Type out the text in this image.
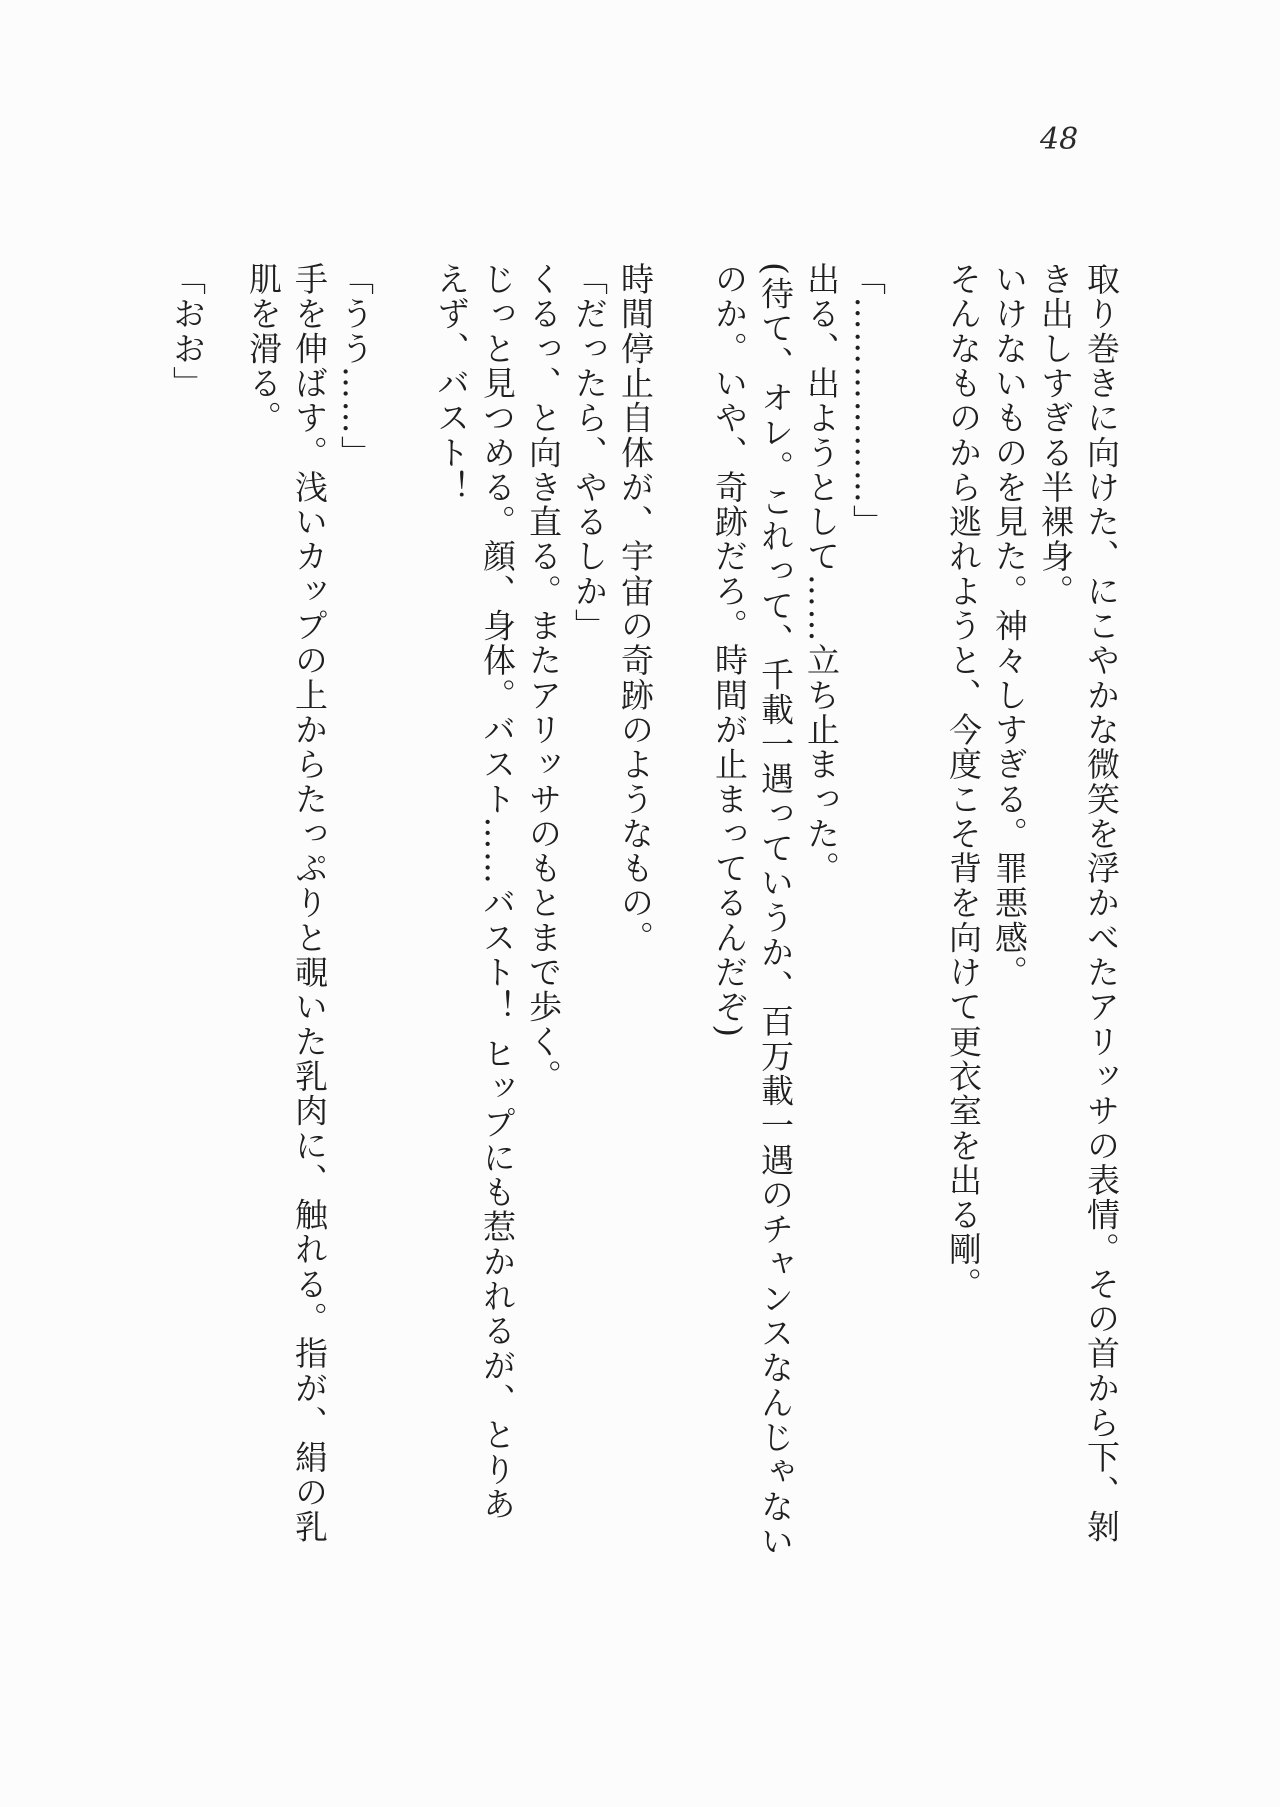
48
取り巻きに向けた、にこやかな微笑を浮かべたアリッサの表情。その首から下、剝
き出しすぎる半裸身。
いけないものを見た。神々しすぎる。罪悪感。
そんなものから逃れようと、今度こそ背を向けて更衣室を出る剛。
「………………」
出る、出ようとして……立ち止まった。
(待て、オレ。これって、千載一遇っていうか、百万載一遇のチャンスなんじゃない
のか。いや、奇跡だろ。時間が止まってるんだぞ)
時間停止自体が、宇宙の奇跡のようなもの。
「だったら、やるしか」
くるっ、と向き直る。またアリッサのもとまで歩く。
じっと見つめる。顔、身体。バスト……バスト！ ヒップにも惹かれるが、とりあ
えず、バスト！
「うう……」
手を伸ばす。浅いカップの上からたっぷりと覗いた乳肉に、触れる。指が、絹の乳
肌を滑る。
「おお」
